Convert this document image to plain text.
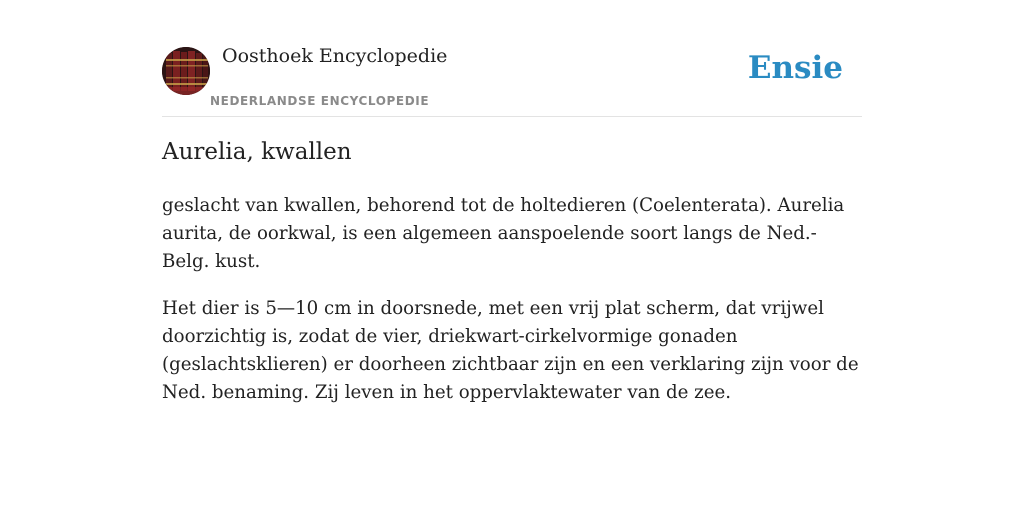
Oosthoek Encyclopedie
NEDERLANDSE ENCYCLOPEDIE
Ensie
Aurelia, kwallen

geslacht van kwallen, behorend tot de holtedieren (Coelenterata). Aurelia aurita, de oorkwal, is een algemeen aanspoelende soort langs de Ned.-Belg. kust.

Het dier is 5—10 cm in doorsnede, met een vrij plat scherm, dat vrijwel doorzichtig is, zodat de vier, driekwart-cirkelvormige gonaden (geslachtsklieren) er doorheen zichtbaar zijn en een verklaring zijn voor de Ned. benaming. Zij leven in het oppervlaktewater van de zee.
